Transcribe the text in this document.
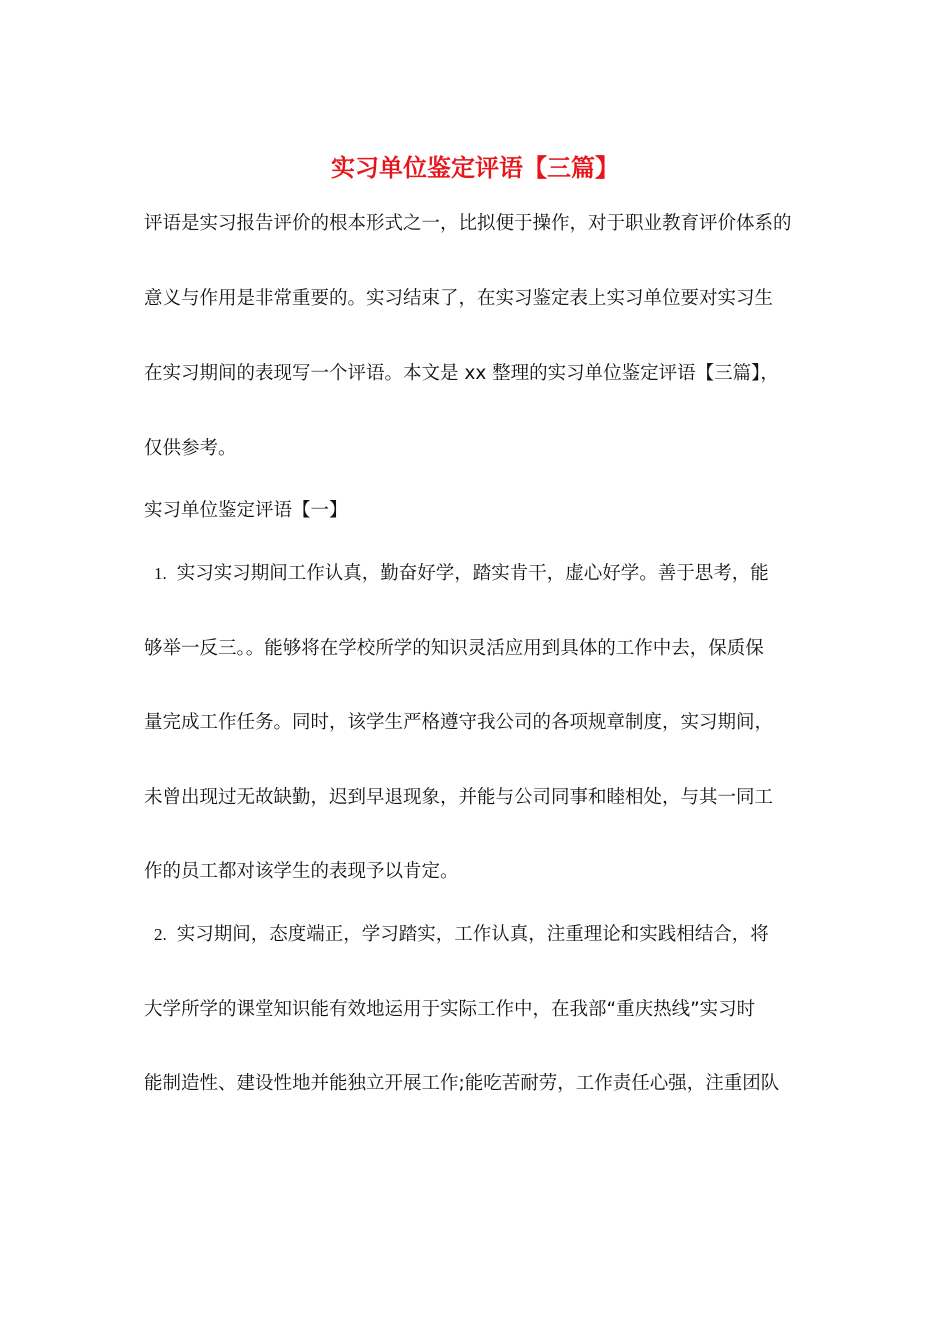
实习单位鉴定评语【三篇】

评语是实习报告评价的根本形式之一，比拟便于操作，对于职业教育评价体系的

意义与作用是非常重要的。实习结束了，在实习鉴定表上实习单位要对实习生

在实习期间的表现写一个评语。本文是 xx 整理的实习单位鉴定评语【三篇】，

仅供参考。

实习单位鉴定评语【一】

1. 实习实习期间工作认真，勤奋好学，踏实肯干，虚心好学。善于思考，能

够举一反三。。能够将在学校所学的知识灵活应用到具体的工作中去，保质保

量完成工作任务。同时，该学生严格遵守我公司的各项规章制度，实习期间，

未曾出现过无故缺勤，迟到早退现象，并能与公司同事和睦相处，与其一同工

作的员工都对该学生的表现予以肯定。

2. 实习期间，态度端正，学习踏实，工作认真，注重理论和实践相结合，将

大学所学的课堂知识能有效地运用于实际工作中，在我部“重庆热线”实习时

能制造性、建设性地并能独立开展工作;能吃苦耐劳，工作责任心强，注重团队
